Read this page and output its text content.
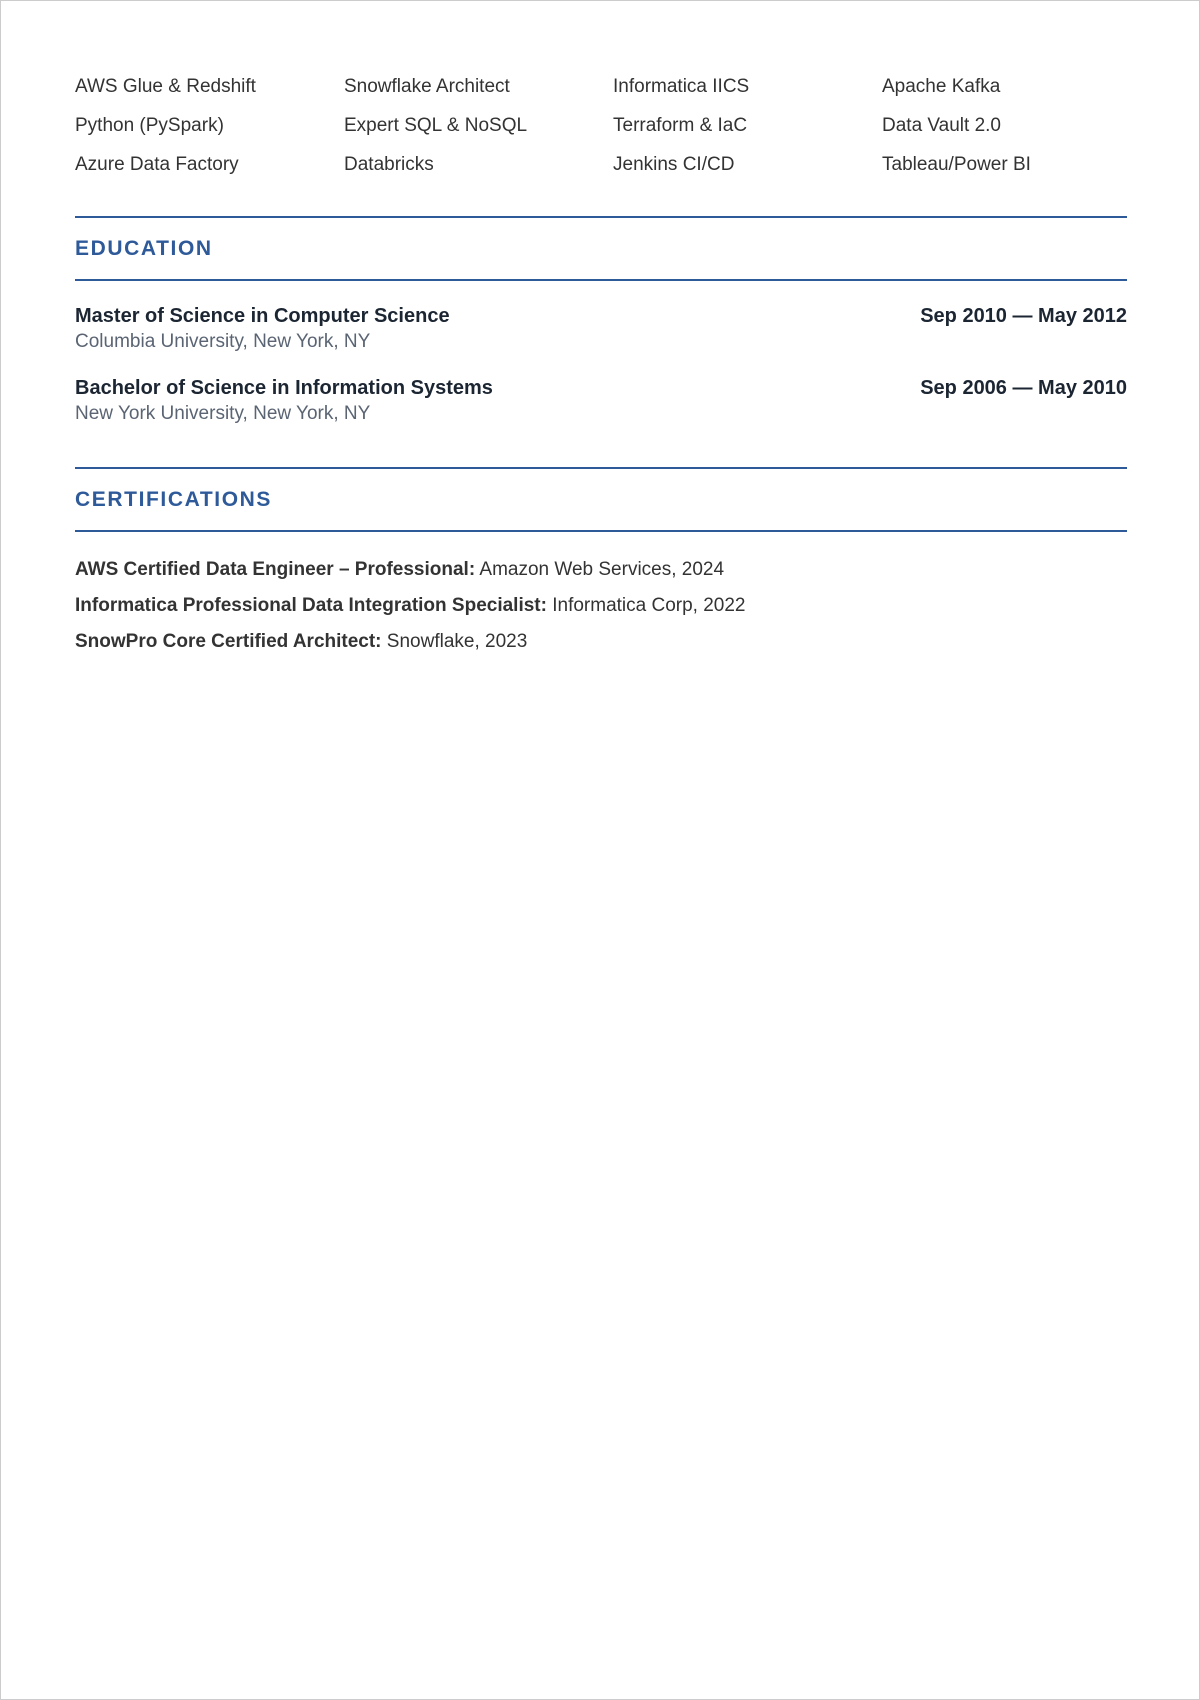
AWS Glue & Redshift	Snowflake Architect	Informatica IICS	Apache Kafka
Python (PySpark)	Expert SQL & NoSQL	Terraform & IaC	Data Vault 2.0
Azure Data Factory	Databricks	Jenkins CI/CD	Tableau/Power BI
EDUCATION
Master of Science in Computer Science	Sep 2010 — May 2012
Columbia University, New York, NY
Bachelor of Science in Information Systems	Sep 2006 — May 2010
New York University, New York, NY
CERTIFICATIONS
AWS Certified Data Engineer – Professional: Amazon Web Services, 2024
Informatica Professional Data Integration Specialist: Informatica Corp, 2022
SnowPro Core Certified Architect: Snowflake, 2023
